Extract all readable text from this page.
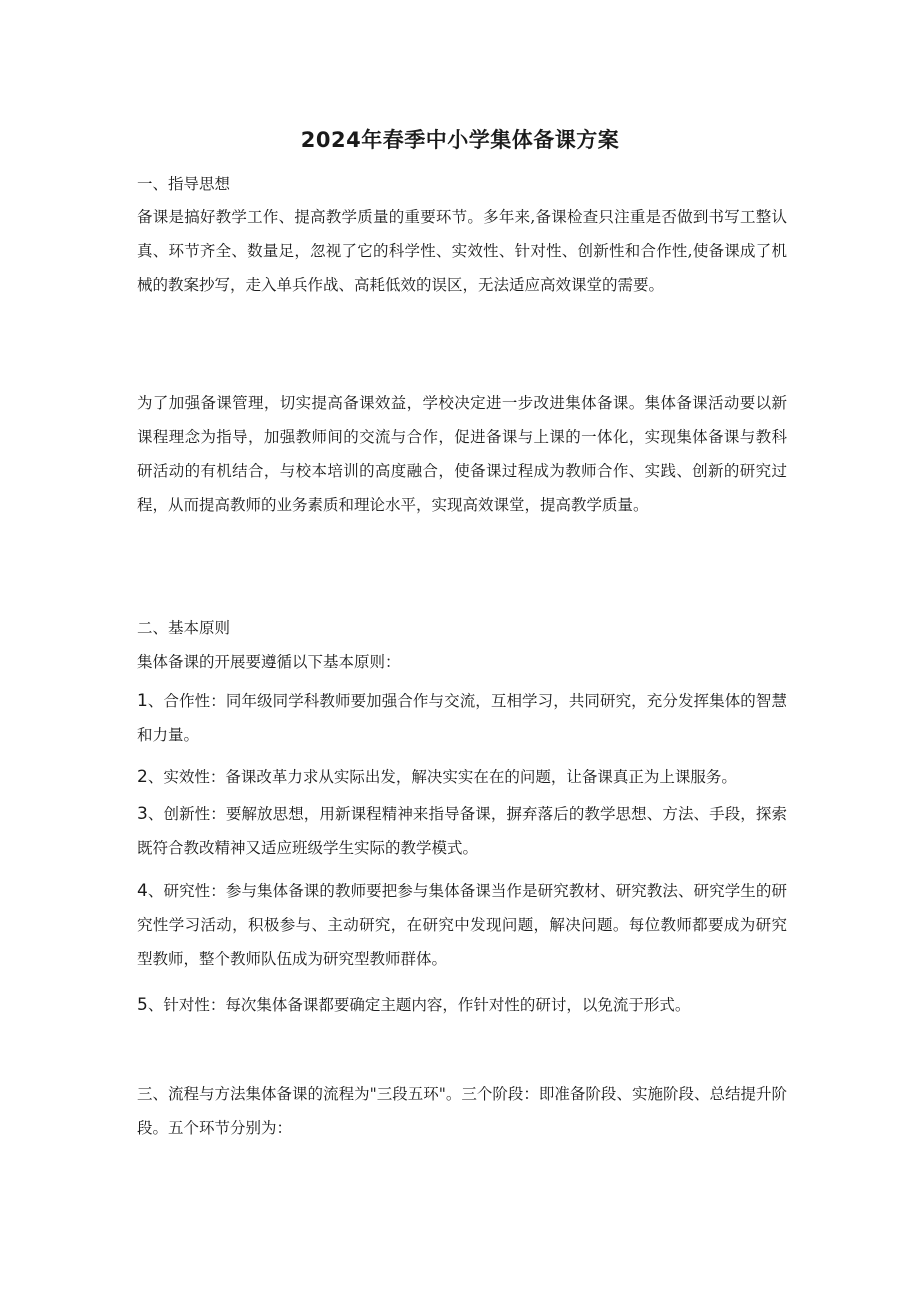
2024年春季中小学集体备课方案

一、指导思想

备课是搞好教学工作、提高教学质量的重要环节。多年来,备课检查只注重是否做到书写工整认真、环节齐全、数量足，忽视了它的科学性、实效性、针对性、创新性和合作性,使备课成了机械的教案抄写，走入单兵作战、高耗低效的误区，无法适应高效课堂的需要。

为了加强备课管理，切实提高备课效益，学校决定进一步改进集体备课。集体备课活动要以新课程理念为指导，加强教师间的交流与合作，促进备课与上课的一体化，实现集体备课与教科研活动的有机结合，与校本培训的高度融合，使备课过程成为教师合作、实践、创新的研究过程，从而提高教师的业务素质和理论水平，实现高效课堂，提高教学质量。

二、基本原则

集体备课的开展要遵循以下基本原则：

1、合作性：同年级同学科教师要加强合作与交流，互相学习，共同研究，充分发挥集体的智慧和力量。

2、实效性：备课改革力求从实际出发，解决实实在在的问题，让备课真正为上课服务。

3、创新性：要解放思想，用新课程精神来指导备课，摒弃落后的教学思想、方法、手段，探索既符合教改精神又适应班级学生实际的教学模式。

4、研究性：参与集体备课的教师要把参与集体备课当作是研究教材、研究教法、研究学生的研究性学习活动，积极参与、主动研究，在研究中发现问题，解决问题。每位教师都要成为研究型教师，整个教师队伍成为研究型教师群体。

5、针对性：每次集体备课都要确定主题内容，作针对性的研讨，以免流于形式。

三、流程与方法集体备课的流程为"三段五环"。三个阶段：即准备阶段、实施阶段、总结提升阶段。五个环节分别为：
